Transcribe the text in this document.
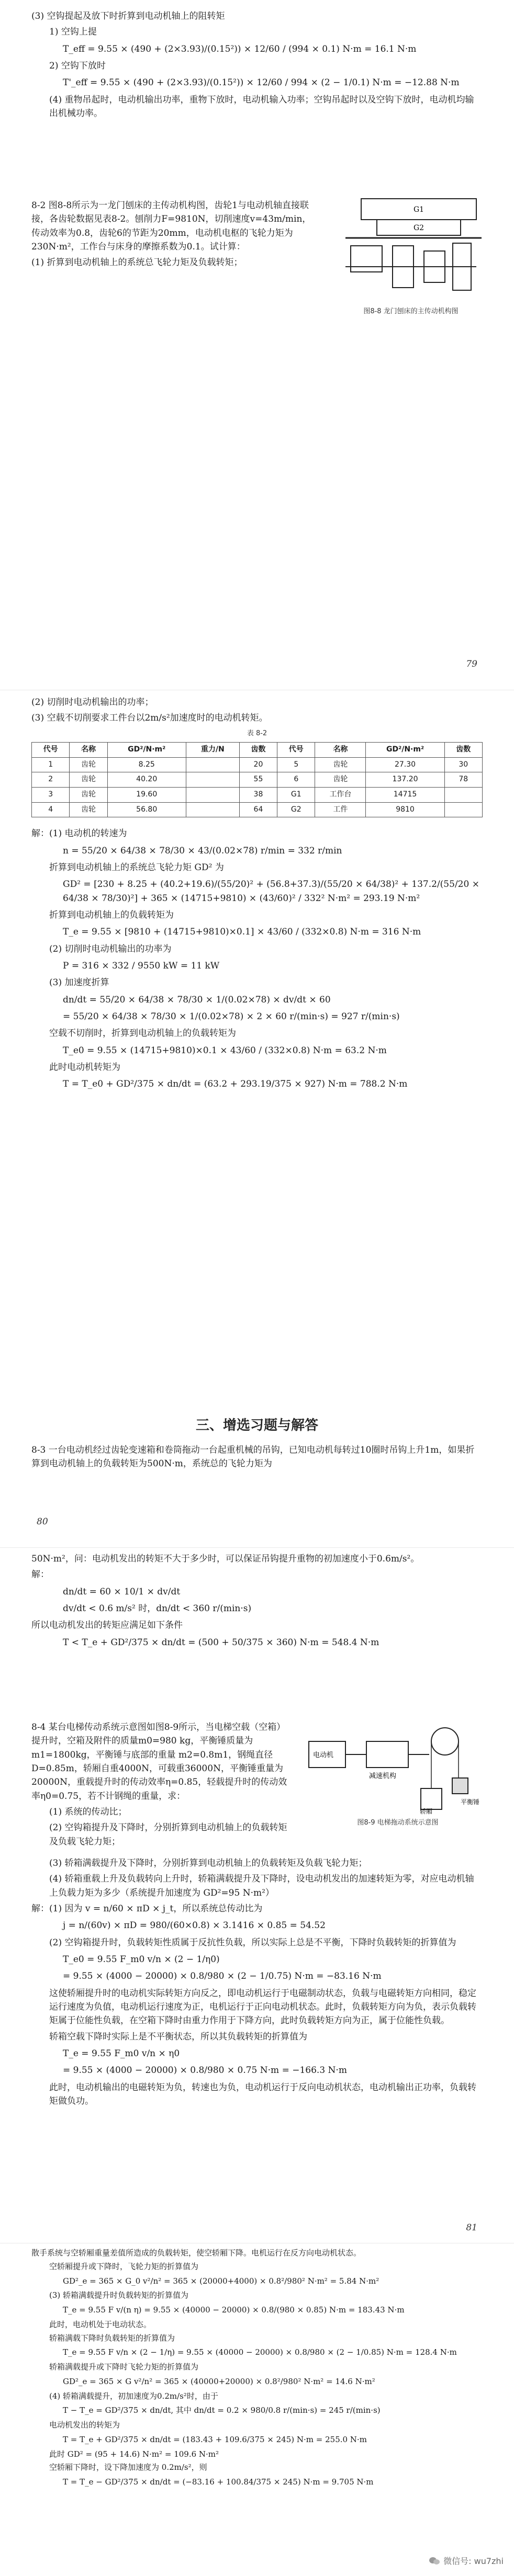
(3) 空钩提起及放下时折算到电动机轴上的阻转矩

1) 空钩上提

T_eff = 9.55 × (490 + (2×3.93)/(0.15²)) × 12/60 / (994 × 0.1) N·m = 16.1 N·m

2) 空钩下放时

T'_eff = 9.55 × (490 + (2×3.93)/(0.15²)) × 12/60 / 994 × (2 − 1/0.1) N·m = −12.88 N·m

(4) 重物吊起时，电动机输出功率，重物下放时，电动机输入功率；空钩吊起时以及空钩下放时，电动机均输出机械功率。

8-2 图8-8所示为一龙门刨床的主传动机构图，齿轮1与电动机轴直接联接，各齿轮数据见表8-2。刨削力F=9810N，切削速度v=43m/min，传动效率为0.8，齿轮6的节距为20mm，电动机电枢的飞轮力矩为230N·m²，工作台与床身的摩擦系数为0.1。试计算：

(1) 折算到电动机轴上的系统总飞轮力矩及负载转矩；

G1
G2
图8-8 龙门刨床的主传动机构图
79

(2) 切削时电动机输出的功率；

(3) 空载不切削要求工件台以2m/s²加速度时的电动机转矩。

表 8-2
代号	名称	GD²/N·m²	重力/N	齿数	代号	名称	GD²/N·m²	齿数
1	齿轮	8.25		20	5	齿轮	27.30	30
2	齿轮	40.20		55	6	齿轮	137.20	78
3	齿轮	19.60		38	G1	工作台	14715	
4	齿轮	56.80		64	G2	工件	9810	

解：(1) 电动机的转速为

n = 55/20 × 64/38 × 78/30 × 43/(0.02×78) r/min = 332 r/min

折算到电动机轴上的系统总飞轮力矩 GD² 为

GD² = [230 + 8.25 + (40.2+19.6)/(55/20)² + (56.8+37.3)/(55/20 × 64/38)² + 137.2/(55/20 × 64/38 × 78/30)²] + 365 × (14715+9810) × (43/60)² / 332² N·m² = 293.19 N·m²

折算到电动机轴上的负载转矩为

T_e = 9.55 × [9810 + (14715+9810)×0.1] × 43/60 / (332×0.8) N·m = 316 N·m

(2) 切削时电动机输出的功率为

P = 316 × 332 / 9550 kW = 11 kW

(3) 加速度折算

dn/dt = 55/20 × 64/38 × 78/30 × 1/(0.02×78) × dv/dt × 60

= 55/20 × 64/38 × 78/30 × 1/(0.02×78) × 2 × 60 r/(min·s) = 927 r/(min·s)

空载不切削时，折算到电动机轴上的负载转矩为

T_e0 = 9.55 × (14715+9810)×0.1 × 43/60 / (332×0.8) N·m = 63.2 N·m

此时电动机转矩为

T = T_e0 + GD²/375 × dn/dt = (63.2 + 293.19/375 × 927) N·m = 788.2 N·m

三、增选习题与解答

8-3 一台电动机经过齿轮变速箱和卷筒拖动一台起重机械的吊钩，已知电动机每转过10圈时吊钩上升1m，如果折算到电动机轴上的负载转矩为500N·m，系统总的飞轮力矩为

80

50N·m²，问：电动机发出的转矩不大于多少时，可以保证吊钩提升重物的初加速度小于0.6m/s²。

解：

dn/dt = 60 × 10/1 × dv/dt

dv/dt < 0.6 m/s² 时，dn/dt < 360 r/(min·s)

所以电动机发出的转矩应满足如下条件

T < T_e + GD²/375 × dn/dt = (500 + 50/375 × 360) N·m = 548.4 N·m

8-4 某台电梯传动系统示意图如图8-9所示，当电梯空载（空箱）提升时，空箱及附件的质量m0=980 kg，平衡锤质量为m1=1800kg，平衡锤与底部的重量 m2=0.8m1，钢绳直径D=0.85m，轿厢自重4000N，可载重36000N，平衡锤重量为20000N，重载提升时的传动效率η=0.85，轻载提升时的传动效率η0=0.75，若不计钢绳的重量，求：

(1) 系统的传动比；

(2) 空钩箱提升及下降时，分别折算到电动机轴上的负载转矩及负载飞轮力矩；

电动机
减速机构
轿厢
平衡锤
图8-9 电梯拖动系统示意图

(3) 轿箱满载提升及下降时，分别折算到电动机轴上的负载转矩及负载飞轮力矩；

(4) 轿箱重载上升及负载转向上升时，轿箱满载提升及下降时，设电动机发出的加速转矩为零，对应电动机轴上负载力矩为多少（系统提升加速度为 GD²=95 N·m²）

解：(1) 因为 v = n/60 × πD × j_t，所以系统总传动比为

j = n/(60v) × πD = 980/(60×0.8) × 3.1416 × 0.85 = 54.52

(2) 空钩箱提升时，负载转矩性质属于反抗性负载，所以实际上总是不平衡，下降时负载转矩的折算值为

T_e0 = 9.55 F_m0 v/n × (2 − 1/η0)

= 9.55 × (4000 − 20000) × 0.8/980 × (2 − 1/0.75) N·m = −83.16 N·m

这使轿厢提升时的电动机实际转矩方向反之，即电动机运行于电磁制动状态，负载与电磁转矩方向相同，稳定运行速度为负值，电动机运行速度为正，电机运行于正向电动机状态。此时，负载转矩方向为负，表示负载转矩属于位能性负载，在空箱下降时由重力作用于下降方向，此时负载转矩方向为正，属于位能性负载。

轿箱空载下降时实际上是不平衡状态，所以其负载转矩的折算值为

T_e = 9.55 F_m0 v/n × η0

= 9.55 × (4000 − 20000) × 0.8/980 × 0.75 N·m = −166.3 N·m

此时，电动机输出的电磁转矩为负，转速也为负，电动机运行于反向电动机状态，电动机输出正功率，负载转矩做负功。

81

散手系统与空轿厢重量差值所造成的负载转矩，使空轿厢下降。电机运行在反方向电动机状态。

空轿厢提升或下降时，飞轮力矩的折算值为

GD²_e = 365 × G_0 v²/n² = 365 × (20000+4000) × 0.8²/980² N·m² = 5.84 N·m²

(3) 轿箱满载提升时负载转矩的折算值为

T_e = 9.55 F v/(n η) = 9.55 × (40000 − 20000) × 0.8/(980 × 0.85) N·m = 183.43 N·m

此时，电动机处于电动状态。

轿箱满载下降时负载转矩的折算值为

T_e = 9.55 F v/n × (2 − 1/η) = 9.55 × (40000 − 20000) × 0.8/980 × (2 − 1/0.85) N·m = 128.4 N·m

轿箱满载提升或下降时飞轮力矩的折算值为

GD²_e = 365 × G v²/n² = 365 × (40000+20000) × 0.8²/980² N·m² = 14.6 N·m²

(4) 轿箱满载提升，初加速度为0.2m/s²时，由于

T − T_e = GD²/375 × dn/dt, 其中 dn/dt = 0.2 × 980/0.8 r/(min·s) = 245 r/(min·s)

电动机发出的转矩为

T = T_e + GD²/375 × dn/dt = (183.43 + 109.6/375 × 245) N·m = 255.0 N·m

此时 GD² = (95 + 14.6) N·m² = 109.6 N·m²

空轿厢下降时，设下降加速度为 0.2m/s²，则

T = T_e − GD²/375 × dn/dt = (−83.16 + 100.84/375 × 245) N·m = 9.705 N·m

微信号: wu7zhi
